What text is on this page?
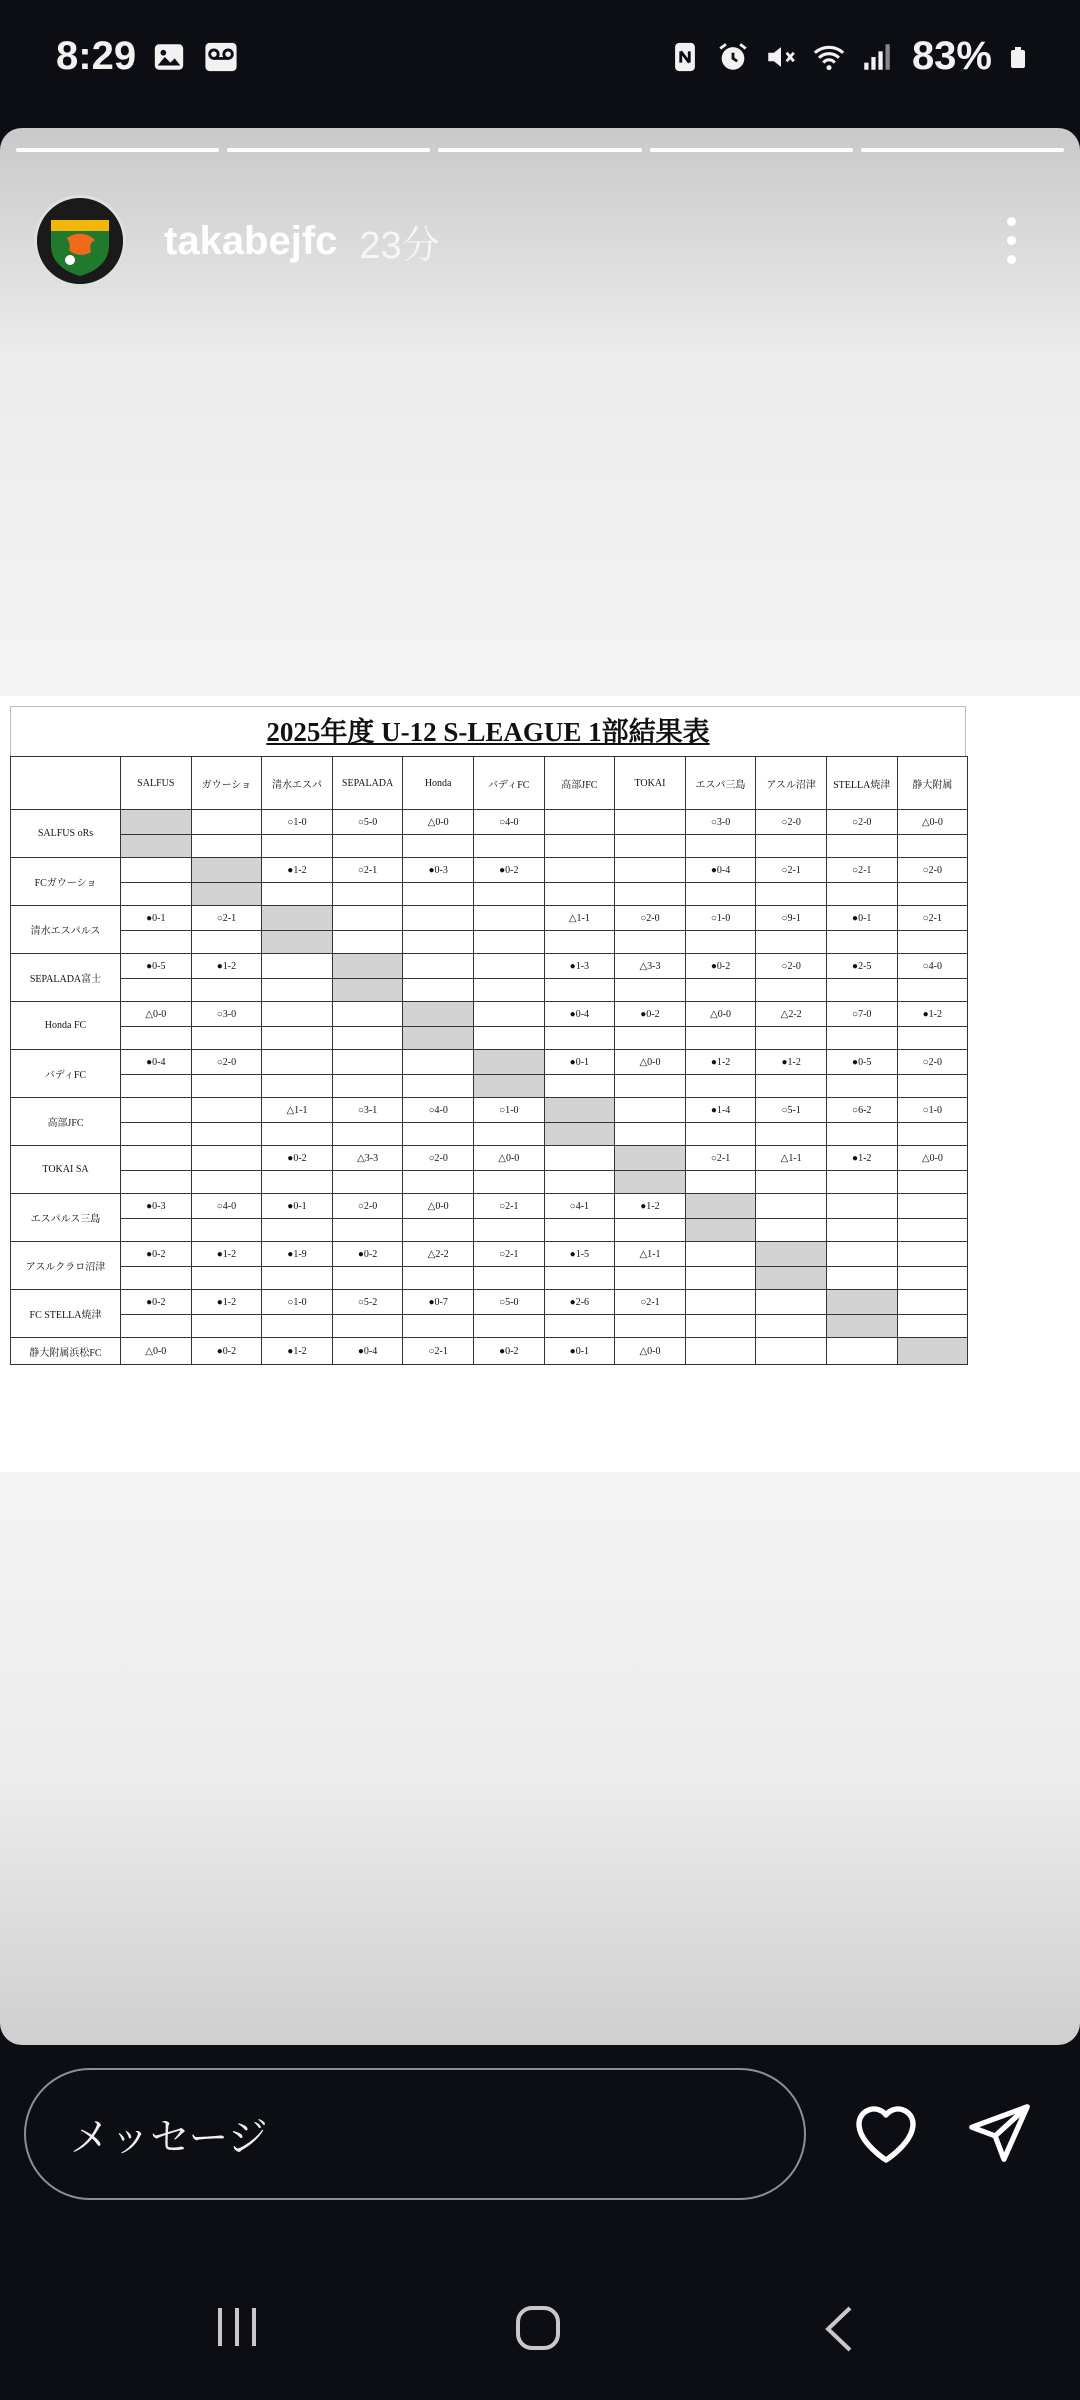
8:29	83%
takabejfc 23分
2025年度 U-12 S-LEAGUE 1部結果表
	SALFUS	ガウーショ	清水エスパ	SEPALADA	Honda	バディFC	高部JFC	TOKAI	エスパ三島	アスル沼津	STELLA焼津	静大附属
SALFUS oRs			○1-0	○5-0	△0-0	○4-0			○3-0	○2-0	○2-0	△0-0

FCガウーショ			●1-2	○2-1	●0-3	●0-2			●0-4	○2-1	○2-1	○2-0

清水エスパルス	●0-1	○2-1					△1-1	○2-0	○1-0	○9-1	●0-1	○2-1

SEPALADA富士	●0-5	●1-2					●1-3	△3-3	●0-2	○2-0	●2-5	○4-0

Honda FC	△0-0	○3-0					●0-4	●0-2	△0-0	△2-2	○7-0	●1-2

バディFC	●0-4	○2-0					●0-1	△0-0	●1-2	●1-2	●0-5	○2-0

高部JFC			△1-1	○3-1	○4-0	○1-0			●1-4	○5-1	○6-2	○1-0

TOKAI SA			●0-2	△3-3	○2-0	△0-0			○2-1	△1-1	●1-2	△0-0

エスパルス三島	●0-3	○4-0	●0-1	○2-0	△0-0	○2-1	○4-1	●1-2				

アスルクラロ沼津	●0-2	●1-2	●1-9	●0-2	△2-2	○2-1	●1-5	△1-1				

FC STELLA焼津	●0-2	●1-2	○1-0	○5-2	●0-7	○5-0	●2-6	○2-1				

静大附属浜松FC	△0-0	●0-2	●1-2	●0-4	○2-1	●0-2	●0-1	△0-0				
メッセージ
